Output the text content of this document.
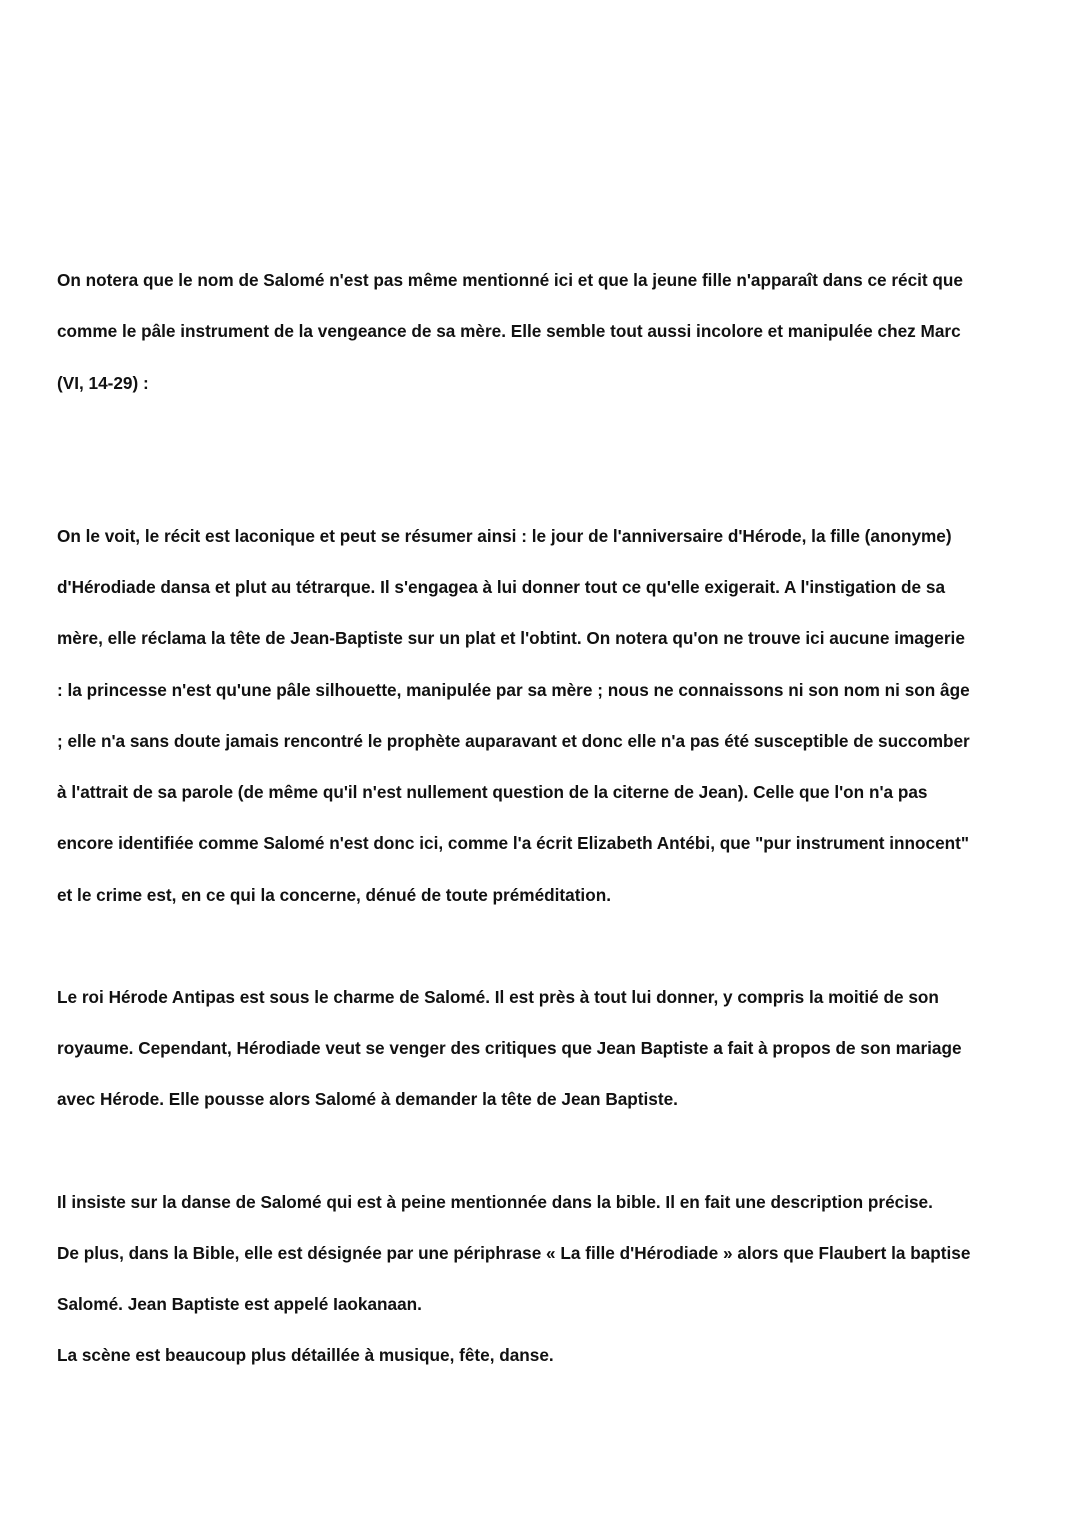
On notera que le nom de Salomé n'est pas même mentionné ici et que la jeune fille n'apparaît dans ce récit que

comme le pâle instrument de la vengeance de sa mère. Elle semble tout aussi incolore et manipulée chez Marc

(VI, 14-29) :

On le voit, le récit est laconique et peut se résumer ainsi : le jour de l'anniversaire d'Hérode, la fille (anonyme)

d'Hérodiade dansa et plut au tétrarque. Il s'engagea à lui donner tout ce qu'elle exigerait. A l'instigation de sa

mère, elle réclama la tête de Jean-Baptiste sur un plat et l'obtint. On notera qu'on ne trouve ici aucune imagerie

: la princesse n'est qu'une pâle silhouette, manipulée par sa mère ; nous ne connaissons ni son nom ni son âge

; elle n'a sans doute jamais rencontré le prophète auparavant et donc elle n'a pas été susceptible de succomber

à l'attrait de sa parole (de même qu'il n'est nullement question de la citerne de Jean). Celle que l'on n'a pas

encore identifiée comme Salomé n'est donc ici, comme l'a écrit Elizabeth Antébi, que "pur instrument innocent"

et le crime est, en ce qui la concerne, dénué de toute préméditation.

Le roi Hérode Antipas est sous le charme de Salomé. Il est près à tout lui donner, y compris la moitié de son

royaume. Cependant, Hérodiade veut se venger des critiques que Jean Baptiste a fait à propos de son mariage

avec Hérode. Elle pousse alors Salomé à demander la tête de Jean Baptiste.

Il insiste sur la danse de Salomé qui est à peine mentionnée dans la bible. Il en fait une description précise.

De plus, dans la Bible, elle est désignée par une périphrase « La fille d'Hérodiade » alors que Flaubert la baptise

Salomé. Jean Baptiste est appelé Iaokanaan.

La scène est beaucoup plus détaillée à musique, fête, danse.
